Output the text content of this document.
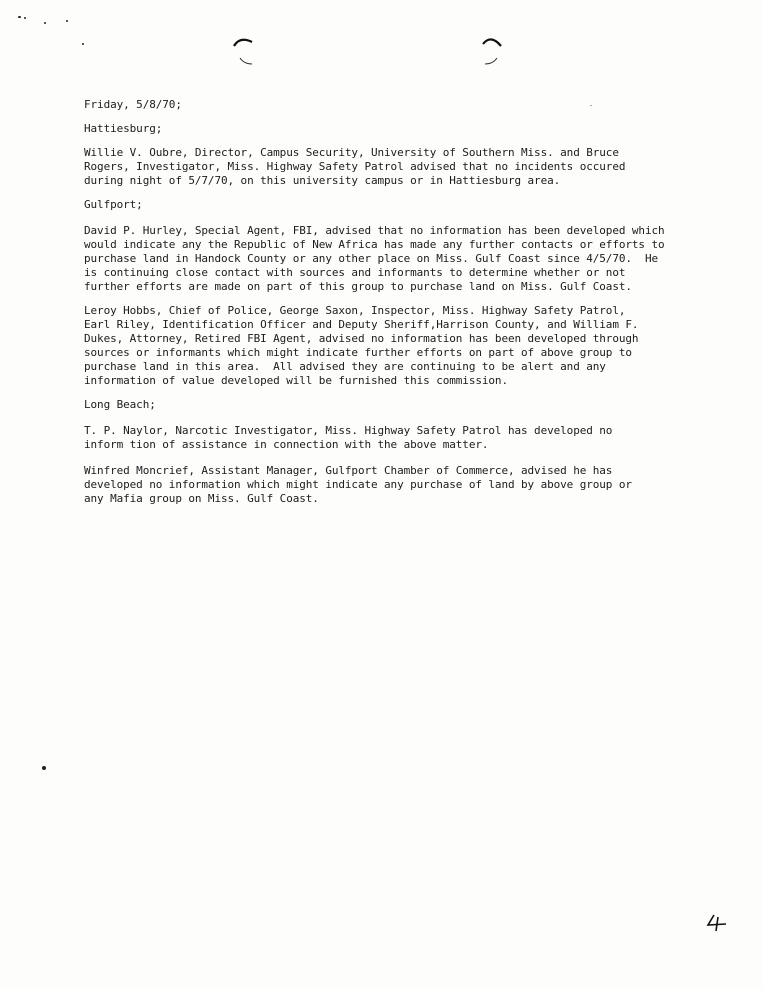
Friday, 5/8/70;

Hattiesburg;

Willie V. Oubre, Director, Campus Security, University of Southern Miss. and Bruce
Rogers, Investigator, Miss. Highway Safety Patrol advised that no incidents occured
during night of 5/7/70, on this university campus or in Hattiesburg area.

Gulfport;

David P. Hurley, Special Agent, FBI, advised that no information has been developed which
would indicate any the Republic of New Africa has made any further contacts or efforts to
purchase land in Handock County or any other place on Miss. Gulf Coast since 4/5/70.  He
is continuing close contact with sources and informants to determine whether or not
further efforts are made on part of this group to purchase land on Miss. Gulf Coast.

Leroy Hobbs, Chief of Police, George Saxon, Inspector, Miss. Highway Safety Patrol,
Earl Riley, Identification Officer and Deputy Sheriff,Harrison County, and William F.
Dukes, Attorney, Retired FBI Agent, advised no information has been developed through
sources or informants which might indicate further efforts on part of above group to
purchase land in this area.  All advised they are continuing to be alert and any
information of value developed will be furnished this commission.

Long Beach;

T. P. Naylor, Narcotic Investigator, Miss. Highway Safety Patrol has developed no
inform tion of assistance in connection with the above matter.

Winfred Moncrief, Assistant Manager, Gulfport Chamber of Commerce, advised he has
developed no information which might indicate any purchase of land by above group or
any Mafia group on Miss. Gulf Coast.
